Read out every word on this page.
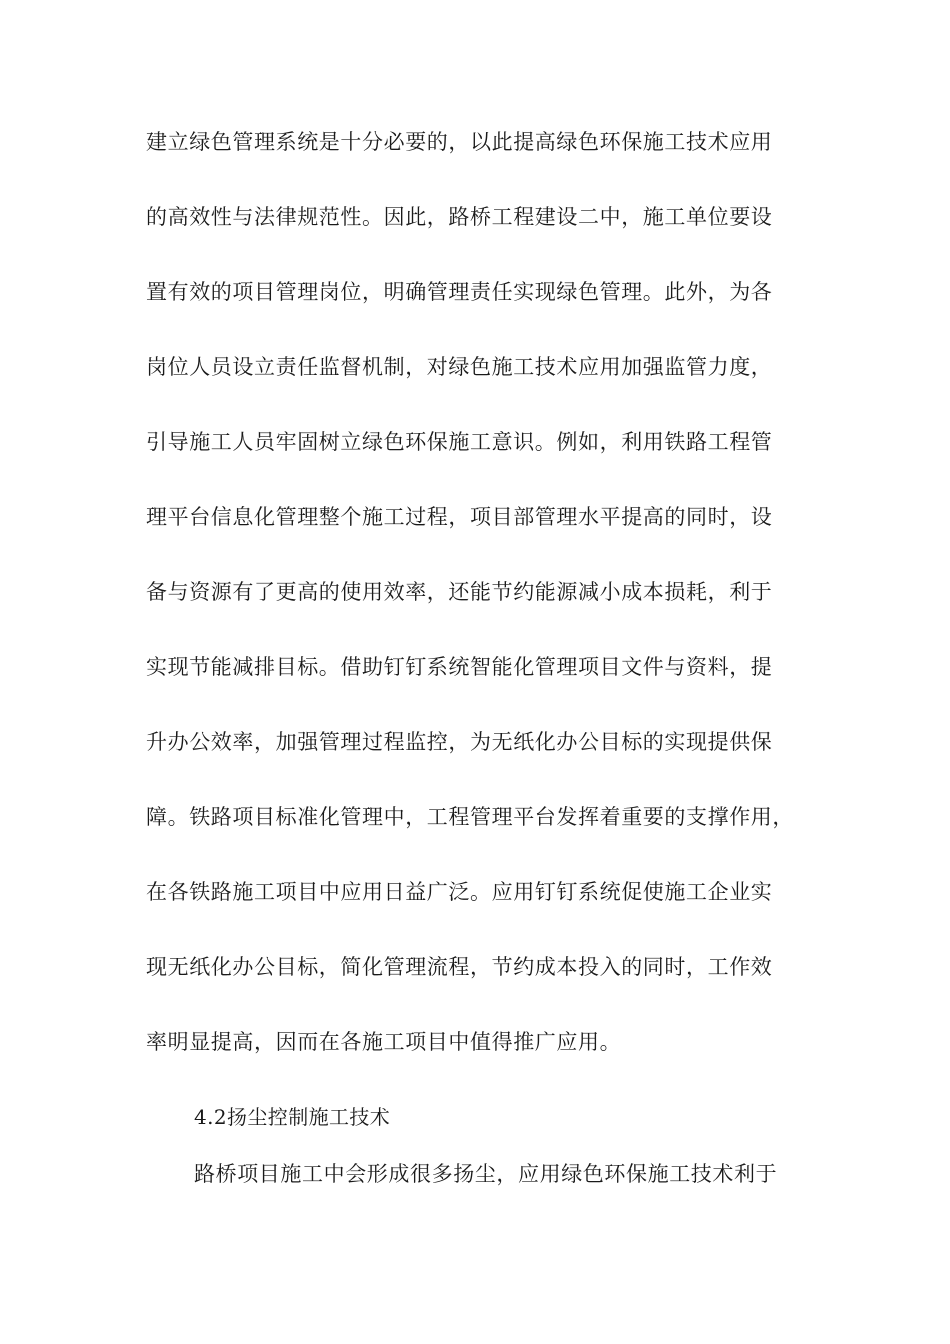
建立绿色管理系统是十分必要的，以此提高绿色环保施工技术应用
的高效性与法律规范性。因此，路桥工程建设二中，施工单位要设
置有效的项目管理岗位，明确管理责任实现绿色管理。此外，为各
岗位人员设立责任监督机制，对绿色施工技术应用加强监管力度，
引导施工人员牢固树立绿色环保施工意识。例如，利用铁路工程管
理平台信息化管理整个施工过程，项目部管理水平提高的同时，设
备与资源有了更高的使用效率，还能节约能源减小成本损耗，利于
实现节能减排目标。借助钉钉系统智能化管理项目文件与资料，提
升办公效率，加强管理过程监控，为无纸化办公目标的实现提供保
障。铁路项目标准化管理中，工程管理平台发挥着重要的支撑作用，
在各铁路施工项目中应用日益广泛。应用钉钉系统促使施工企业实
现无纸化办公目标，简化管理流程，节约成本投入的同时，工作效
率明显提高，因而在各施工项目中值得推广应用。
4.2扬尘控制施工技术
路桥项目施工中会形成很多扬尘，应用绿色环保施工技术利于
